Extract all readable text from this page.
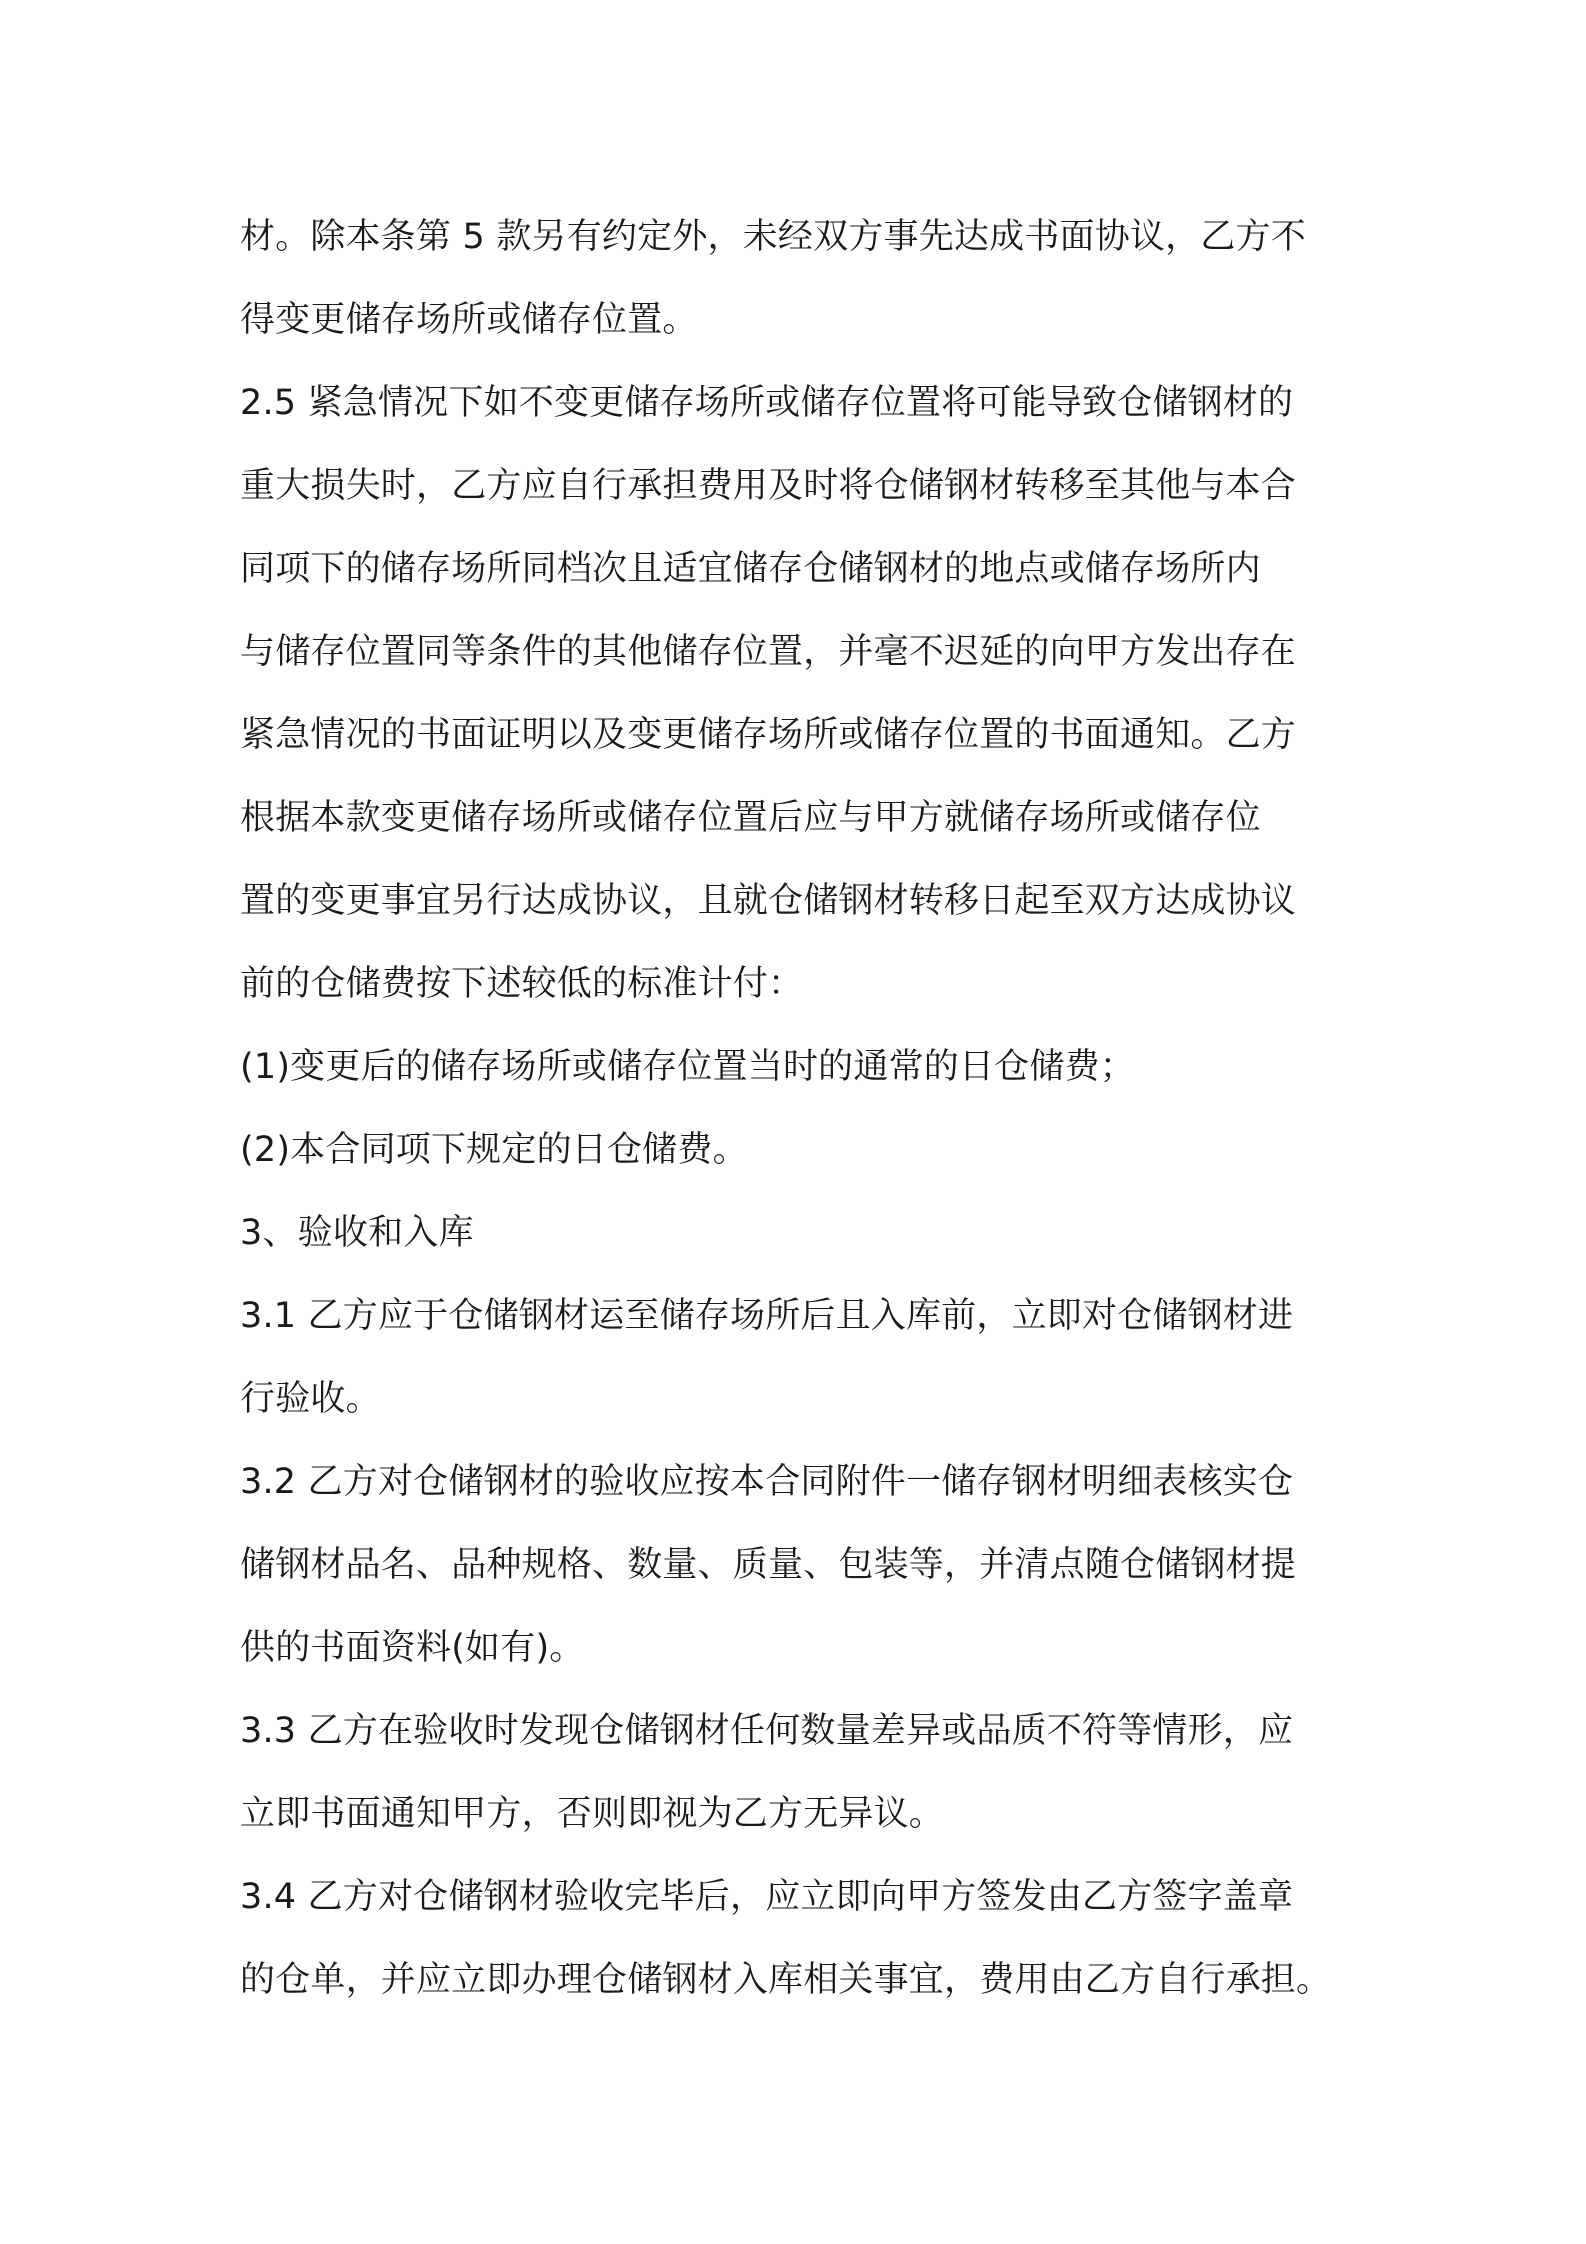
材。除本条第 5 款另有约定外，未经双方事先达成书面协议，乙方不
得变更储存场所或储存位置。
2.5 紧急情况下如不变更储存场所或储存位置将可能导致仓储钢材的
重大损失时，乙方应自行承担费用及时将仓储钢材转移至其他与本合
同项下的储存场所同档次且适宜储存仓储钢材的地点或储存场所内
与储存位置同等条件的其他储存位置，并毫不迟延的向甲方发出存在
紧急情况的书面证明以及变更储存场所或储存位置的书面通知。乙方
根据本款变更储存场所或储存位置后应与甲方就储存场所或储存位
置的变更事宜另行达成协议，且就仓储钢材转移日起至双方达成协议
前的仓储费按下述较低的标准计付：
(1)变更后的储存场所或储存位置当时的通常的日仓储费；
(2)本合同项下规定的日仓储费。
3、验收和入库
3.1 乙方应于仓储钢材运至储存场所后且入库前，立即对仓储钢材进
行验收。
3.2 乙方对仓储钢材的验收应按本合同附件一储存钢材明细表核实仓
储钢材品名、品种规格、数量、质量、包装等，并清点随仓储钢材提
供的书面资料(如有)。
3.3 乙方在验收时发现仓储钢材任何数量差异或品质不符等情形，应
立即书面通知甲方，否则即视为乙方无异议。
3.4 乙方对仓储钢材验收完毕后，应立即向甲方签发由乙方签字盖章
的仓单，并应立即办理仓储钢材入库相关事宜，费用由乙方自行承担。
